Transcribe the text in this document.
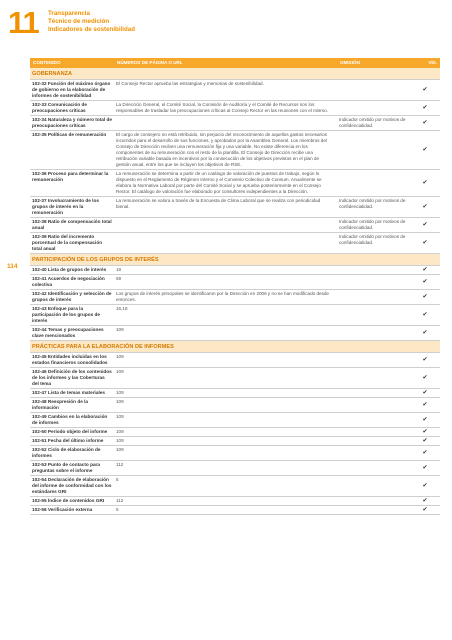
11 Transparencia
Técnico de medición
Indicadores de sostenibilidad
114
CONTENIDO	NÚMEROS DE PÁGINA O URL	OMISIÓN	Vbt.
GOBERNANZA			
102-32 Función del máximo órgano de gobierno en la elaboración de informes de sostenibilidad	El Consejo Rector aprueba las estrategias y memorias de sostenibilidad.		✔
102-33 Comunicación de preocupaciones críticas	La Dirección General, el Comité Social, la Comisión de Auditoría y el Comité de Recursos son los responsables de trasladar las preocupaciones críticas al Consejo Rector en las reuniones con el mismo.		✔
102-34 Naturaleza y número total de preocupaciones críticas		Indicador omitido por motivos de confidencialidad.	✔
102-35 Políticas de remuneración	El cargo de consejero no está retribuido, sin perjuicio del reconocimiento de aquellos gastos necesarios incurridos para el desarrollo de sus funciones, y aprobados por la Asamblea General. Los miembros del Consejo de Dirección reciben una remuneración fija y una variable. No existe diferencia en los componentes de su remuneración con el resto de la plantilla. El Consejo de Dirección recibe una retribución variable basada en incentivos por la consecución de los objetivos previstos en el plan de gestión anual, entre los que se incluyen los objetivos de RSE.		✔
102-36 Proceso para determinar la remuneración	La remuneración se determina a partir de un catálogo de valoración de puestos de trabajo, según lo dispuesto en el Reglamento de Régimen Interno y el Convenio Colectivo de Consum. Anualmente se elabora la Normativa Laboral por parte del Comité Social y se aprueba posteriormente en el Consejo Rector. El catálogo de valoración fue elaborado por consultores independientes a la Dirección.		✔
102-37 Involucramiento de los grupos de interés en la remuneración	La remuneración se valora a través de la Encuesta de Clima Laboral que se realiza con periodicidad bienal.	Indicador omitido por motivos de confidencialidad.	✔
102-38 Ratio de compensación total anual		Indicador omitido por motivos de confidencialidad.	✔
102-39 Ratio del incremento porcentual de la compensación total anual		Indicador omitido por motivos de confidencialidad.	✔
PARTICIPACIÓN DE LOS GRUPOS DE INTERÉS			
102-40 Lista de grupos de interés	18		✔
102-41 Acuerdos de negociación colectiva	59		✔
102-42 Identificación y selección de grupos de interés	Los grupos de interés principales se identificaron por la Dirección en 2006 y no se han modificado desde entonces.		✔
102-43 Enfoque para la participación de los grupos de interés	16,18		✔
102-44 Temas y preocupaciones clave mencionados	109		✔
PRÁCTICAS PARA LA ELABORACIÓN DE INFORMES			
102-45 Entidades incluidas en los estados financieros consolidados	109		✔
102-46 Definición de los contenidos de los informes y las Coberturas del tema	109		✔
102-47 Lista de temas materiales	109		✔
102-48 Reexpresión de la información	109		✔
102-49 Cambios en la elaboración de informes	109		✔
102-50 Periodo objeto del informe	109		✔
102-51 Fecha del último informe	109		✔
102-52 Ciclo de elaboración de informes	109		✔
102-53 Punto de contacto para preguntas sobre el informe	112		✔
102-54 Declaración de elaboración del informe de conformidad con los estándares GRI	5		✔
102-55 Índice de contenidos GRI	112		✔
102-56 Verificación externa	5		✔
